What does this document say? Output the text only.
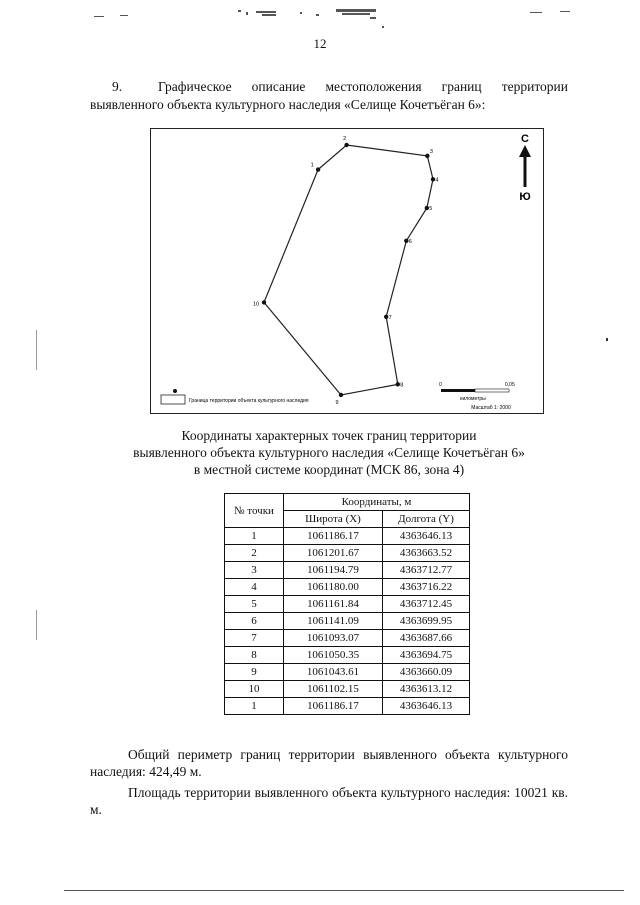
12
9.	Графическое описание местоположения границ территории выявленного объекта культурного наследия «Селище Кочетъёган 6»:
1
2
3
4
5
6
7
8
9
10
С
Ю
Граница территории объекта культурного наследия
0	0,05
километры
Масштаб 1: 2000
Координаты характерных точек границ территории
выявленного объекта культурного наследия «Селище Кочетъёган 6»
в местной системе координат (МСК 86, зона 4)
№ точки	Координаты, м	
	Широта (X)	Долгота (Y)
1	1061186.17	4363646.13
2	1061201.67	4363663.52
3	1061194.79	4363712.77
4	1061180.00	4363716.22
5	1061161.84	4363712.45
6	1061141.09	4363699.95
7	1061093.07	4363687.66
8	1061050.35	4363694.75
9	1061043.61	4363660.09
10	1061102.15	4363613.12
1	1061186.17	4363646.13
Общий периметр границ территории выявленного объекта культурного наследия: 424,49 м.
Площадь территории выявленного объекта культурного наследия: 10021 кв. м.
